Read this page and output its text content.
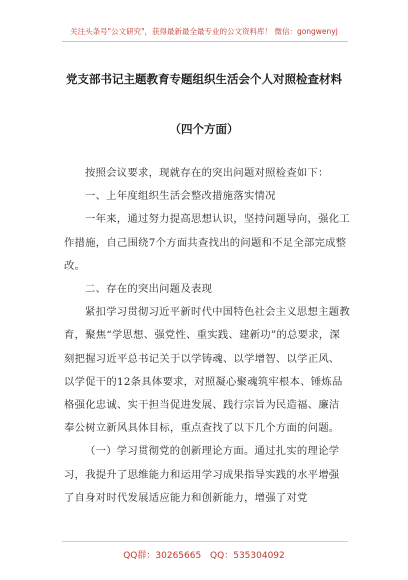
关注头条号"公文研究"，获得最新最全最专业的公文资料库！ 微信：gongwenyj
党支部书记主题教育专题组织生活会个人对照检查材料
（四个方面）

按照会议要求，现就存在的突出问题对照检查如下：

一、上年度组织生活会整改措施落实情况

一年来，通过努力提高思想认识，坚持问题导向，强化工作措施，自己围绕7个方面共查找出的问题和不足全部完成整改。

二、存在的突出问题及表现

紧扣学习贯彻习近平新时代中国特色社会主义思想主题教育，聚焦“学思想、强党性、重实践、建新功”的总要求，深刻把握习近平总书记关于以学铸魂、以学增智、以学正风、以学促干的12条具体要求，对照凝心聚魂筑牢根本、锤炼品格强化忠诚、实干担当促进发展、践行宗旨为民造福、廉洁奉公树立新风具体目标，重点查找了以下几个方面的问题。

（一）学习贯彻党的创新理论方面。通过扎实的理论学习，我提升了思维能力和运用学习成果指导实践的水平增强了自身对时代发展适应能力和创新能力，增强了对党

QQ群：30265665 QQ：535304092
